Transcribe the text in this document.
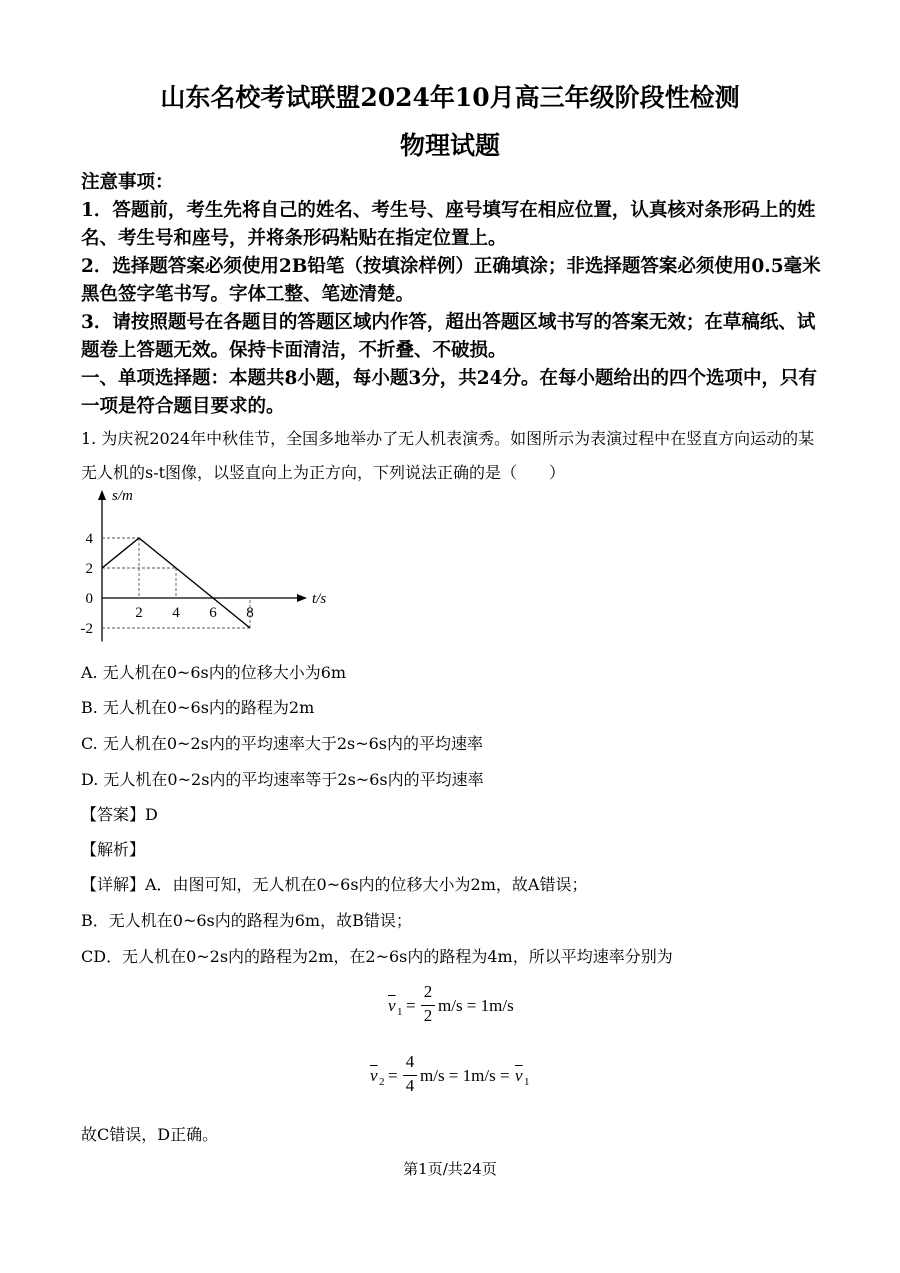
山东名校考试联盟2024年10月高三年级阶段性检测
物理试题
注意事项：
1．答题前，考生先将自己的姓名、考生号、座号填写在相应位置，认真核对条形码上的姓
名、考生号和座号，并将条形码粘贴在指定位置上。
2．选择题答案必须使用2B铅笔（按填涂样例）正确填涂；非选择题答案必须使用0.5毫米
黑色签字笔书写。字体工整、笔迹清楚。
3．请按照题号在各题目的答题区域内作答，超出答题区域书写的答案无效；在草稿纸、试
题卷上答题无效。保持卡面清洁，不折叠、不破损。
一、单项选择题：本题共8小题，每小题3分，共24分。在每小题给出的四个选项中，只有
一项是符合题目要求的。
1. 为庆祝2024年中秋佳节，全国多地举办了无人机表演秀。如图所示为表演过程中在竖直方向运动的某
无人机的s-t图像，以竖直向上为正方向，下列说法正确的是（　　）
s/m
t/s
4
2
0
-2
2 4 6 8
A. 无人机在0~6s内的位移大小为6m
B. 无人机在0~6s内的路程为2m
C. 无人机在0~2s内的平均速率大于2s~6s内的平均速率
D. 无人机在0~2s内的平均速率等于2s~6s内的平均速率
【答案】D
【解析】
【详解】A．由图可知，无人机在0~6s内的位移大小为2m，故A错误；
B．无人机在0~6s内的路程为6m，故B错误；
CD．无人机在0~2s内的路程为2m，在2~6s内的路程为4m，所以平均速率分别为
$\overline{v}$ 1 =
2
2
m/s = 1m/s
$\overline{v}$ 2 =
4
4
$m/s = 1m/s = \overline{v}$ 1
故C错误，D正确。
第1页/共24页
